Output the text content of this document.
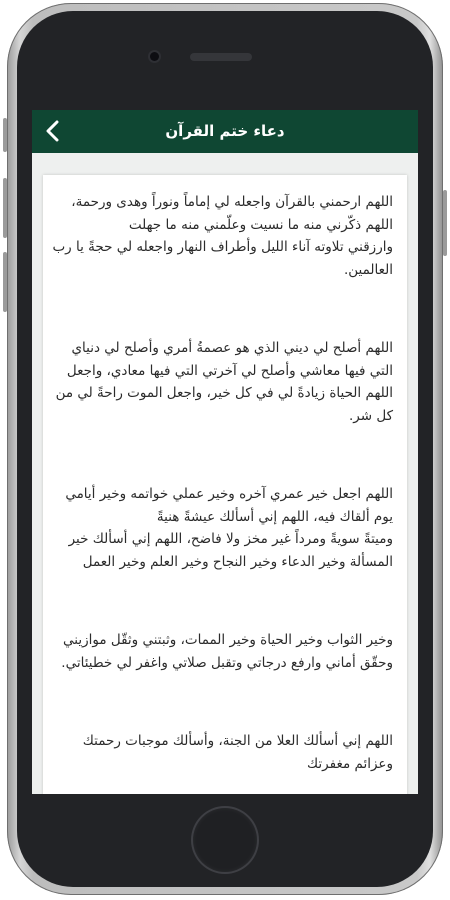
دعاء ختم القرآن

اللهم ارحمني بالقرآن واجعله لي إماماً ونوراً وهدى ورحمة، اللهم ذكّرني منه ما نسيت وعلّمني منه ما جهلت

وارزقني تلاوته آناء الليل وأطراف النهار واجعله لي حجةً يا رب العالمين.

اللهم أصلح لي ديني الذي هو عصمةُ أمري وأصلح لي دنياي التي فيها معاشي وأصلح لي آخرتي التي فيها معادي، واجعل اللهم الحياة زيادةً لي في كل خير، واجعل الموت راحةً لي من كل شر.

اللهم اجعل خير عمري آخره وخير عملي خواتمه وخير أيامي يوم ألقاك فيه، اللهم إني أسألك عيشةً هنيةً

وميتةً سويةً ومرداً غير مخز ولا فاضح، اللهم إني أسألك خير المسألة وخير الدعاء وخير النجاح وخير العلم وخير العمل

وخير الثواب وخير الحياة وخير الممات، وثبتني وثقّل موازيني وحقّق أماني وارفع درجاتي وتقبل صلاتي واغفر لي خطيئاتي.

اللهم إني أسألك العلا من الجنة، وأسألك موجبات رحمتك وعزائم مغفرتك
